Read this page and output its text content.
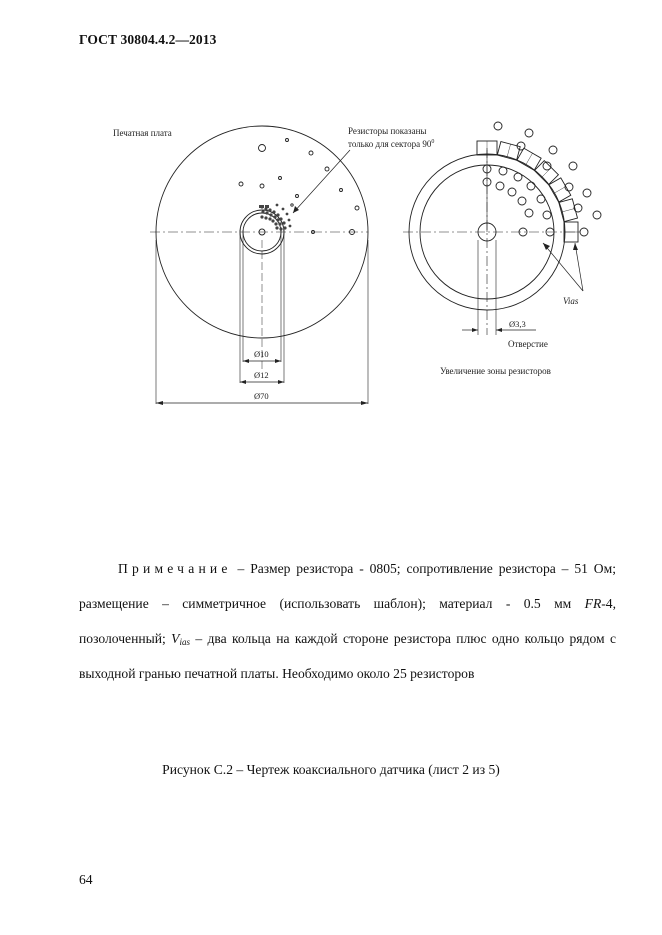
ГОСТ 30804.4.2—2013
Печатная плата	Резисторы показаны
только для сектора $90^0$
Ø10
Ø12
Ø70
Ø3,3
Отверстие
Vias
Увеличение зоны резисторов
Примечание – Размер резистора - 0805; сопротивление резистора – 51 Ом; размещение – симметричное (использовать шаблон); материал - 0.5 мм FR-4, позолоченный; $V_{ias}$ – два кольца на каждой стороне резистора плюс одно кольцо рядом с выходной гранью печатной платы. Необходимо около 25 резисторов
Рисунок С.2 – Чертеж коаксиального датчика (лист 2 из 5)
64
